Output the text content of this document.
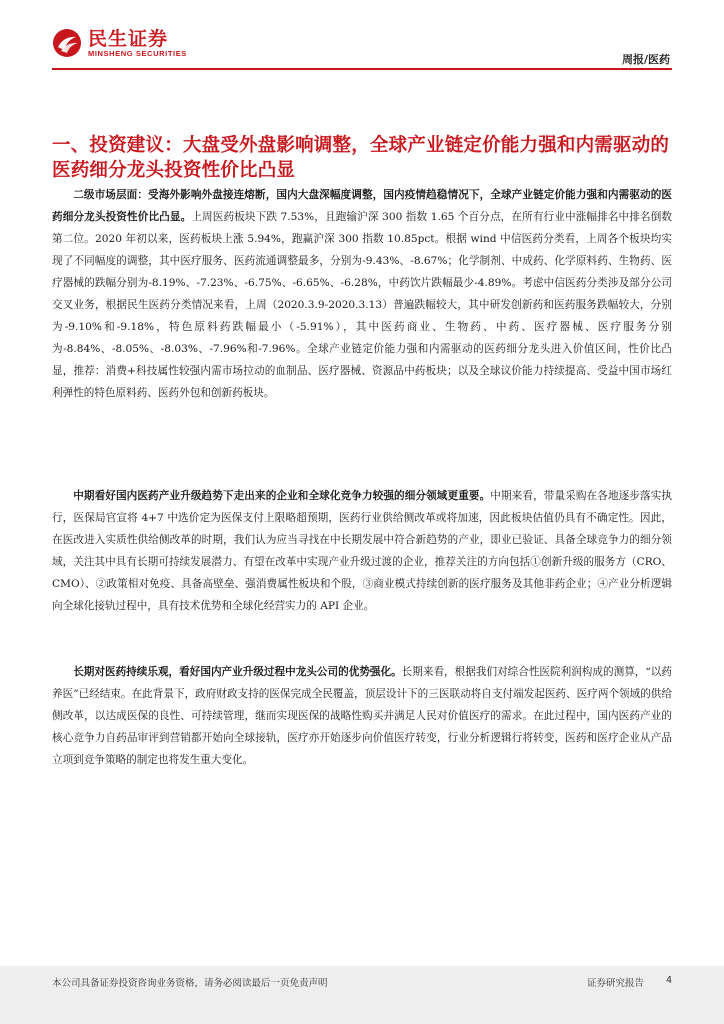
民生证券
MINSHENG SECURITIES	周报/医药
一、投资建议：大盘受外盘影响调整，全球产业链定价能力强和内需驱动的医药细分龙头投资性价比凸显
二级市场层面：受海外影响外盘接连熔断，国内大盘深幅度调整，国内疫情趋稳情况下，全球产业链定价能力强和内需驱动的医药细分龙头投资性价比凸显。上周医药板块下跌 7.53%，且跑输沪深 300 指数 1.65 个百分点，在所有行业中涨幅排名中排名倒数第二位。2020 年初以来，医药板块上涨 5.94%，跑赢沪深 300 指数 10.85pct。根据 wind 中信医药分类看，上周各个板块均实现了不同幅度的调整，其中医疗服务、医药流通调整最多，分别为-9.43%、-8.67%；化学制剂、中成药、化学原料药、生物药、医疗器械的跌幅分别为-8.19%、-7.23%、-6.75%、-6.65%、-6.28%，中药饮片跌幅最少-4.89%。考虑中信医药分类涉及部分公司交叉业务，根据民生医药分类情况来看，上周（2020.3.9-2020.3.13）普遍跌幅较大，其中研发创新药和医药服务跌幅较大，分别为-9.10%和-9.18%，特色原料药跌幅最小（-5.91%），其中医药商业、生物药、中药、医疗器械、医疗服务分别为-8.84%、-8.05%、-8.03%、-7.96%和-7.96%。全球产业链定价能力强和内需驱动的医药细分龙头进入价值区间，性价比凸显，推荐：消费+科技属性较强内需市场拉动的血制品、医疗器械、资源品中药板块；以及全球议价能力持续提高、受益中国市场红利弹性的特色原料药、医药外包和创新药板块。
中期看好国内医药产业升级趋势下走出来的企业和全球化竞争力较强的细分领域更重要。中期来看，带量采购在各地逐步落实执行，医保局官宣将 4+7 中选价定为医保支付上限略超预期，医药行业供给侧改革或将加速，因此板块估值仍具有不确定性。因此，在医改进入实质性供给侧改革的时期，我们认为应当寻找在中长期发展中符合新趋势的产业，即业已验证、具备全球竞争力的细分领域，关注其中具有长期可持续发展潜力、有望在改革中实现产业升级过渡的企业，推荐关注的方向包括①创新升级的服务方（CRO、CMO）、②政策相对免疫、具备高壁垒、强消费属性板块和个股，③商业模式持续创新的医疗服务及其他非药企业；④产业分析逻辑向全球化接轨过程中，具有技术优势和全球化经营实力的 API 企业。
长期对医药持续乐观，看好国内产业升级过程中龙头公司的优势强化。长期来看，根据我们对综合性医院利润构成的测算，“以药养医”已经结束。在此背景下，政府财政支持的医保完成全民覆盖，顶层设计下的三医联动将自支付端发起医药、医疗两个领域的供给侧改革，以达成医保的良性、可持续管理，继而实现医保的战略性购买并满足人民对价值医疗的需求。在此过程中，国内医药产业的核心竞争力自药品审评到营销都开始向全球接轨，医疗亦开始逐步向价值医疗转变，行业分析逻辑行将转变，医药和医疗企业从产品立项到竞争策略的制定也将发生重大变化。
本公司具备证券投资咨询业务资格，请务必阅读最后一页免责声明	证券研究报告 4
